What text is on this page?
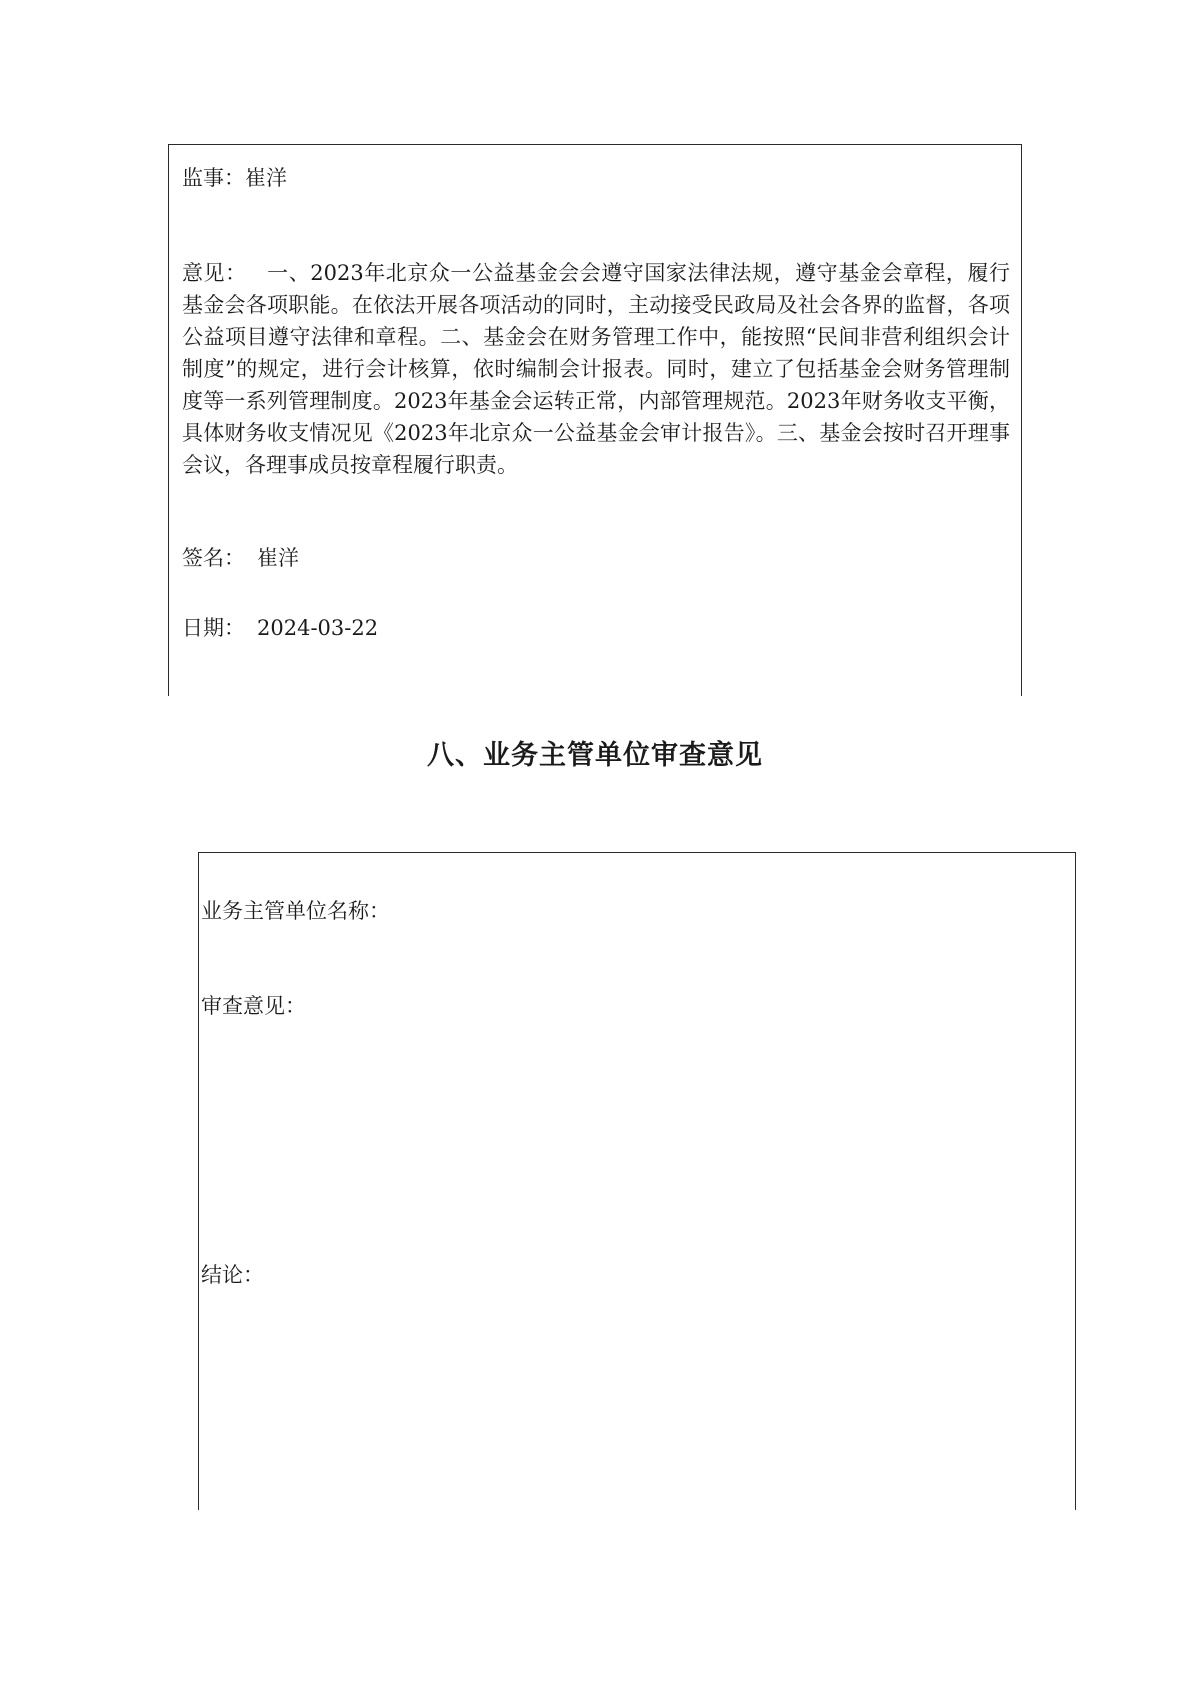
监事：崔洋

意见： 一、2023年北京众一公益基金会会遵守国家法律法规，遵守基金会章程，履行基金会各项职能。在依法开展各项活动的同时，主动接受民政局及社会各界的监督，各项公益项目遵守法律和章程。二、基金会在财务管理工作中，能按照“民间非营利组织会计制度”的规定，进行会计核算，依时编制会计报表。同时，建立了包括基金会财务管理制度等一系列管理制度。2023年基金会运转正常，内部管理规范。2023年财务收支平衡，具体财务收支情况见《2023年北京众一公益基金会审计报告》。三、基金会按时召开理事会议，各理事成员按章程履行职责。

签名： 崔洋
日期： 2024-03-22
八、业务主管单位审查意见
业务主管单位名称：
审查意见：
结论：
